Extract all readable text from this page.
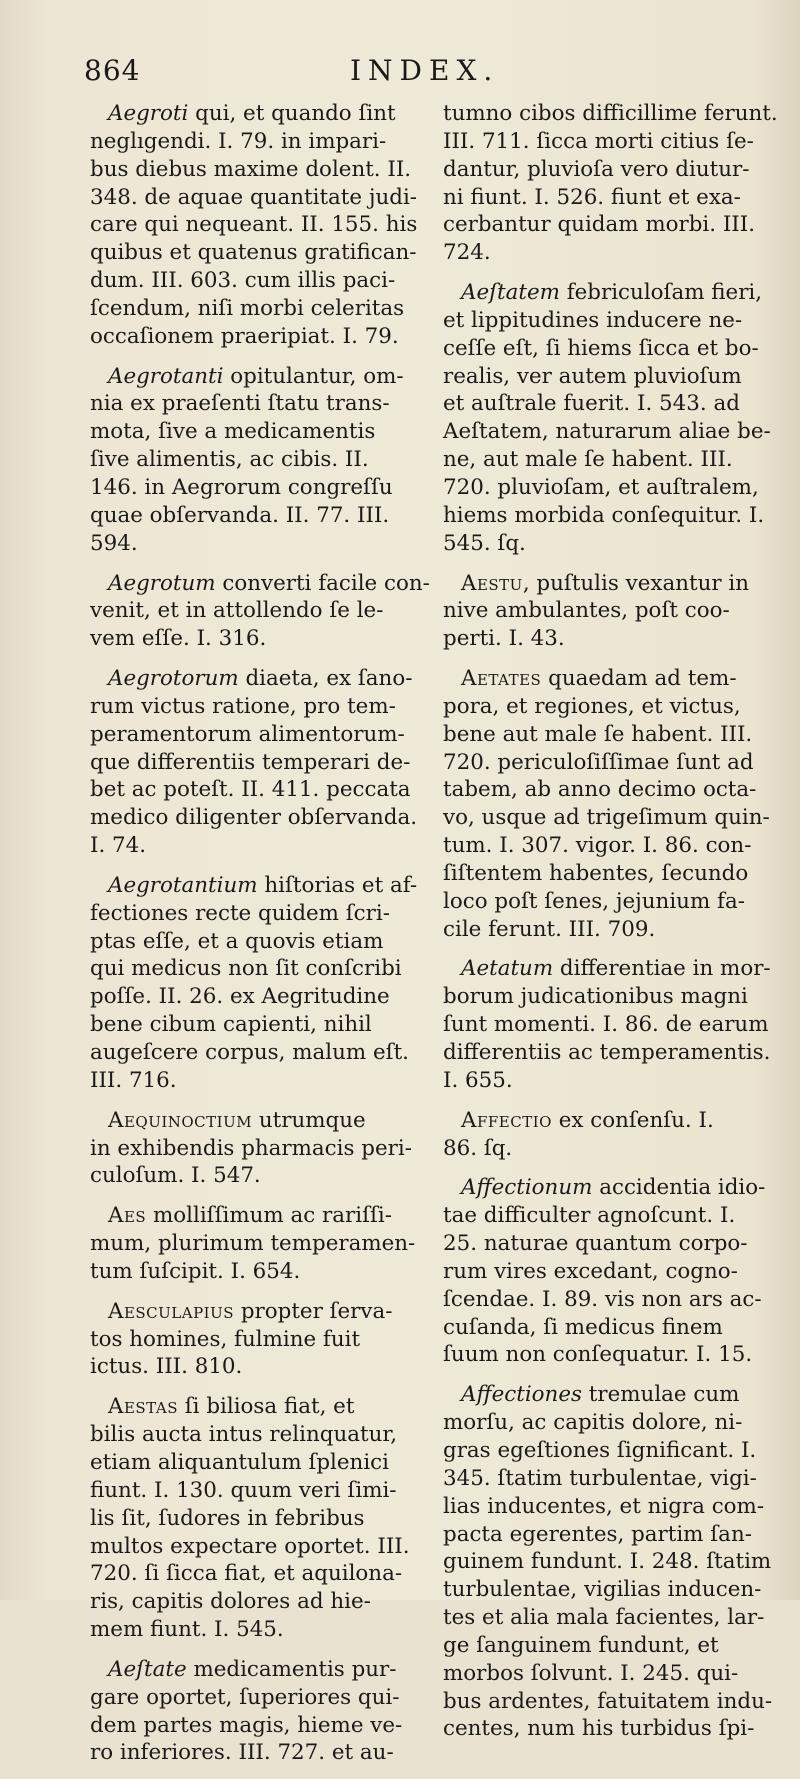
864	INDEX.
Aegroti qui, et quando ſint
neglıgendi. I. 79. in impari-
bus diebus maxime dolent. II.
348. de aquae quantitate judi-
care qui nequeant. II. 155. his
quibus et quatenus gratifican-
dum. III. 603. cum illis paci-
ſcendum, niſi morbi celeritas
occaſionem praeripiat. I. 79.
Aegrotanti opitulantur, om-
nia ex praeſenti ſtatu trans-
mota, ſive a medicamentis
ſive alimentis, ac cibis. II.
146. in Aegrorum congreſſu
quae obſervanda. II. 77. III.
594.
Aegrotum converti facile con-
venit, et in attollendo ſe le-
vem eſſe. I. 316.
Aegrotorum diaeta, ex ſano-
rum victus ratione, pro tem-
peramentorum alimentorum-
que differentiis temperari de-
bet ac poteſt. II. 411. peccata
medico diligenter obſervanda.
I. 74.
Aegrotantium hiſtorias et af-
fectiones recte quidem ſcri-
ptas eſſe, et a quovis etiam
qui medicus non ſit conſcribi
poſſe. II. 26. ex Aegritudine
bene cibum capienti, nihil
augeſcere corpus, malum eſt.
III. 716.
Aequinoctium utrumque
in exhibendis pharmacis peri-
culoſum. I. 547.
Aes molliſſimum ac rariſſi-
mum, plurimum temperamen-
tum ſuſcipit. I. 654.
Aesculapius propter ſerva-
tos homines, fulmine fuit
ictus. III. 810.
Aestas ſi biliosa fiat, et
bilis aucta intus relinquatur,
etiam aliquantulum ſplenici
fiunt. I. 130. quum veri ſimi-
lis ſit, ſudores in febribus
multos expectare oportet. III.
720. ſi ſicca fiat, et aquilona-
ris, capitis dolores ad hie-
mem fiunt. I. 545.
Aeſtate medicamentis pur-
gare oportet, ſuperiores qui-
dem partes magis, hieme ve-
ro inferiores. III. 727. et au-
tumno cibos difficillime ferunt.
III. 711. ſicca morti citius ſe-
dantur, pluvioſa vero diutur-
ni fiunt. I. 526. fiunt et exa-
cerbantur quidam morbi. III.
724.
Aeſtatem febriculoſam fieri,
et lippitudines inducere ne-
ceſſe eſt, ſi hiems ſicca et bo-
realis, ver autem pluvioſum
et auſtrale fuerit. I. 543. ad
Aeſtatem, naturarum aliae be-
ne, aut male ſe habent. III.
720. pluvioſam, et auſtralem,
hiems morbida conſequitur. I.
545. ſq.
Aestu, puſtulis vexantur in
nive ambulantes, poſt coo-
perti. I. 43.
Aetates quaedam ad tem-
pora, et regiones, et victus,
bene aut male ſe habent. III.
720. periculoſiſſimae ſunt ad
tabem, ab anno decimo octa-
vo, usque ad trigeſimum quin-
tum. I. 307. vigor. I. 86. con-
ſiſtentem habentes, ſecundo
loco poſt ſenes, jejunium fa-
cile ferunt. III. 709.
Aetatum differentiae in mor-
borum judicationibus magni
ſunt momenti. I. 86. de earum
differentiis ac temperamentis.
I. 655.
Affectio ex conſenſu. I.
86. ſq.
Affectionum accidentia idio-
tae difficulter agnoſcunt. I.
25. naturae quantum corpo-
rum vires excedant, cogno-
ſcendae. I. 89. vis non ars ac-
cuſanda, ſi medicus finem
ſuum non conſequatur. I. 15.
Affectiones tremulae cum
morſu, ac capitis dolore, ni-
gras egeſtiones ſignificant. I.
345. ſtatim turbulentae, vigi-
lias inducentes, et nigra com-
pacta egerentes, partim ſan-
guinem fundunt. I. 248. ſtatim
turbulentae, vigilias inducen-
tes et alia mala facientes, lar-
ge ſanguinem fundunt, et
morbos ſolvunt. I. 245. qui-
bus ardentes, fatuitatem indu-
centes, num his turbidus ſpi-
